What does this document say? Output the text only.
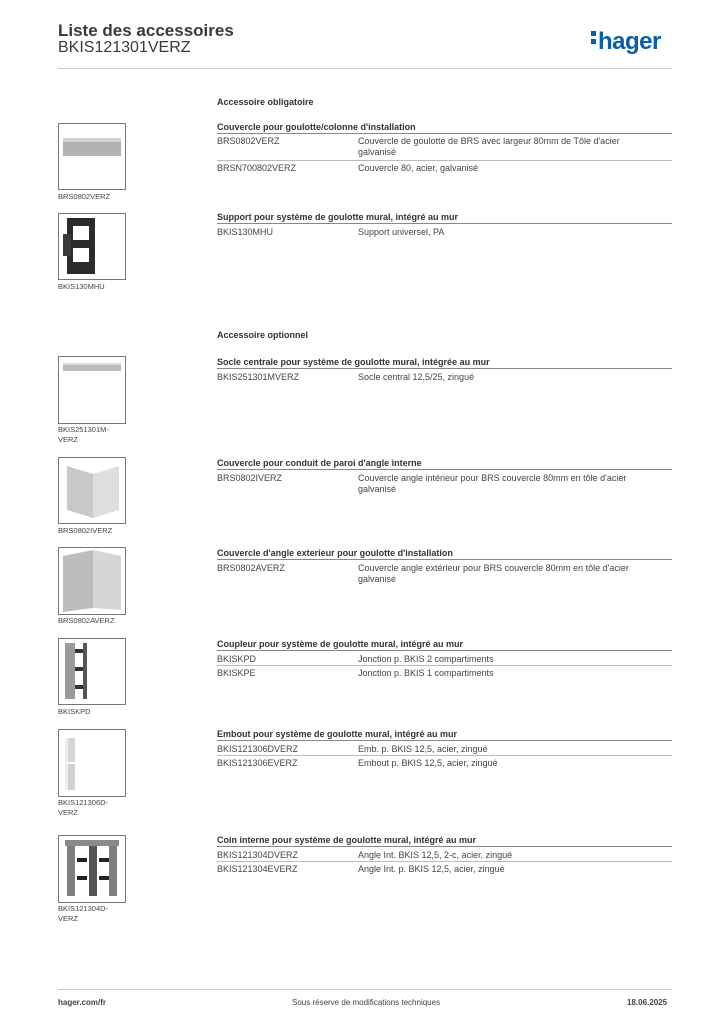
Liste des accessoires
BKIS121301VERZ	hager
Accessoire obligatoire
BRS0802VERZ
Couvercle pour goulotte/colonne d'installation
BRS0802VERZ	Couvercle de goulotte de BRS avec largeur 80mm de Tôle d'acier galvanisé
BRSN700802VERZ	Couvercle 80, acier, galvanisé
BKIS130MHU
Support pour système de goulotte mural, intégré au mur
BKIS130MHU	Support universel, PA
Accessoire optionnel
BKIS251301M-VERZ
Socle centrale pour système de goulotte mural, intégrée au mur
BKIS251301MVERZ	Socle central 12,5/25, zingué
BRS0802IVERZ
Couvercle pour conduit de paroi d'angle interne
BRS0802IVERZ	Couvercle angle intérieur pour BRS couvercle 80mm en tôle d'acier galvanisé
BRS0802AVERZ
Couvercle d'angle exterieur pour goulotte d'installation
BRS0802AVERZ	Couvercle angle extérieur pour BRS couvercle 80mm en tôle d'acier galvanisé
BKISKPD
Coupleur pour système de goulotte mural, intégré au mur
BKISKPD	Jonction p. BKIS 2 compartiments
BKISKPE	Jonction p. BKIS 1 compartiments
BKIS121306D-VERZ
Embout pour système de goulotte mural, intégré au mur
BKIS121306DVERZ	Emb. p. BKIS 12,5, acier, zingué
BKIS121306EVERZ	Embout p. BKIS 12,5, acier, zingué
BKIS121304D-VERZ
Coin interne pour système de goulotte mural, intégré au mur
BKIS121304DVERZ	Angle Int. BKIS 12,5, 2-c, acier, zingué
BKIS121304EVERZ	Angle Int. p. BKIS 12,5, acier, zingué
hager.com/fr	Sous réserve de modifications techniques	18.06.2025
